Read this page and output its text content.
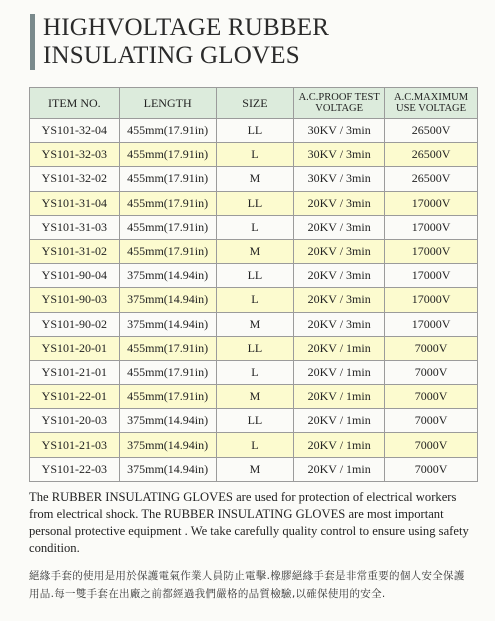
HIGHVOLTAGE RUBBER
INSULATING GLOVES
ITEM NO.	LENGTH	SIZE	A.C.PROOF TEST VOLTAGE	A.C.MAXIMUM USE VOLTAGE
YS101-32-04	455mm(17.91in)	LL	30KV / 3min	26500V
YS101-32-03	455mm(17.91in)	L	30KV / 3min	26500V
YS101-32-02	455mm(17.91in)	M	30KV / 3min	26500V
YS101-31-04	455mm(17.91in)	LL	20KV / 3min	17000V
YS101-31-03	455mm(17.91in)	L	20KV / 3min	17000V
YS101-31-02	455mm(17.91in)	M	20KV / 3min	17000V
YS101-90-04	375mm(14.94in)	LL	20KV / 3min	17000V
YS101-90-03	375mm(14.94in)	L	20KV / 3min	17000V
YS101-90-02	375mm(14.94in)	M	20KV / 3min	17000V
YS101-20-01	455mm(17.91in)	LL	20KV / 1min	7000V
YS101-21-01	455mm(17.91in)	L	20KV / 1min	7000V
YS101-22-01	455mm(17.91in)	M	20KV / 1min	7000V
YS101-20-03	375mm(14.94in)	LL	20KV / 1min	7000V
YS101-21-03	375mm(14.94in)	L	20KV / 1min	7000V
YS101-22-03	375mm(14.94in)	M	20KV / 1min	7000V
The RUBBER INSULATING GLOVES are used for protection of electrical workers from electrical shock. The RUBBER INSULATING GLOVES are most important personal protective equipment . We take carefully quality control to ensure using safety condition.
絕緣手套的使用是用於保護電氣作業人員防止電擊.橡膠絕緣手套是非常重要的個人安全保護用品.每一雙手套在出廠之前都經過我們嚴格的品質檢驗,以確保使用的安全.
